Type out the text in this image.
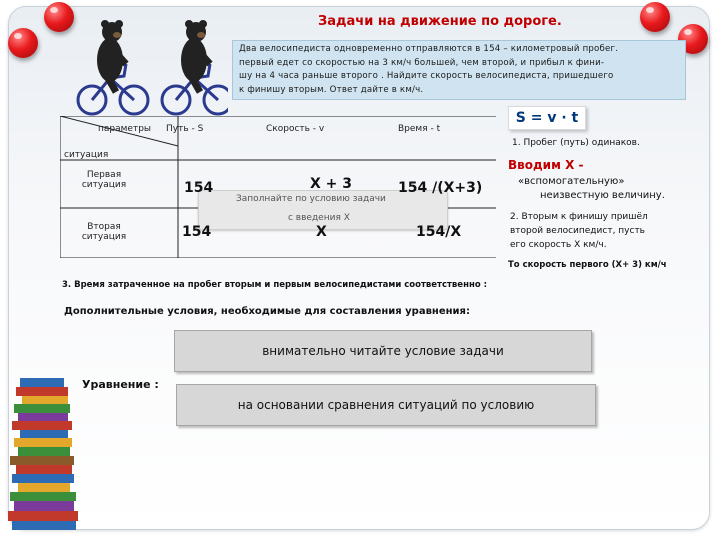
Задачи на движение по дороге.
Два велосипедиста одновременно отправляются в 154 – километровый пробег.
первый едет со скоростью на 3 км/ч большей, чем второй, и прибыл к фини-
шу на 4 часа раньше второго . Найдите скорость велосипедиста, пришедшего
к финишу вторым. Ответ дайте в км/ч.
параметры
ситуация
Путь - S	Скорость - v	Время - t
Первая ситуация
Вторая ситуация
154
154
X + 3
X
154 /(X+3)
154/X
Заполнайте по условию задачи
с введения Х
S = v · t
1. Пробег (путь) одинаков.
Вводим Х -
«вспомогательную»
неизвестную величину.
2. Вторым к финишу пришёл
второй велосипедист, пусть
его скорость Х км/ч.
То скорость первого (Х+ 3) км/ч
3. Время затраченное на пробег вторым и первым велосипедистами соответственно :
Дополнительные условия, необходимые для составления уравнения:
внимательно читайте условие задачи
Уравнение :
на основании сравнения ситуаций по условию
